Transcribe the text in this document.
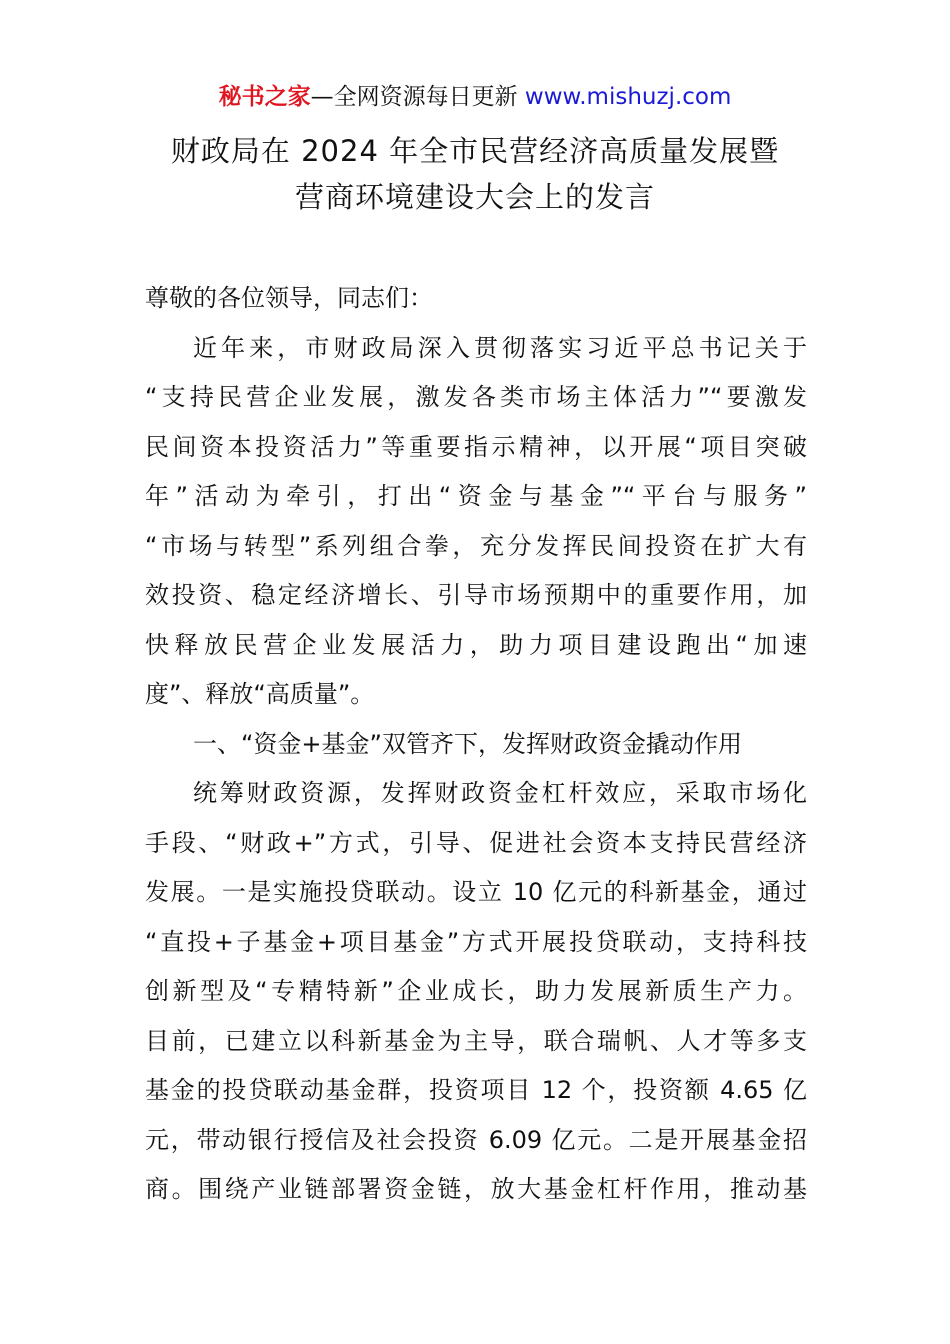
秘书之家—全网资源每日更新 www.mishuzj.com
财政局在 2024 年全市民营经济高质量发展暨
营商环境建设大会上的发言
尊敬的各位领导，同志们：
近年来，市财政局深入贯彻落实习近平总书记关于
“支持民营企业发展，激发各类市场主体活力”“要激发
民间资本投资活力”等重要指示精神，以开展“项目突破
年”活动为牵引，打出“资金与基金”“平台与服务”
“市场与转型”系列组合拳，充分发挥民间投资在扩大有
效投资、稳定经济增长、引导市场预期中的重要作用，加
快释放民营企业发展活力，助力项目建设跑出“加速
度”、释放“高质量”。
一、“资金+基金”双管齐下，发挥财政资金撬动作用
统筹财政资源，发挥财政资金杠杆效应，采取市场化
手段、“财政+”方式，引导、促进社会资本支持民营经济
发展。一是实施投贷联动。设立 10 亿元的科新基金，通过
“直投+子基金+项目基金”方式开展投贷联动，支持科技
创新型及“专精特新”企业成长，助力发展新质生产力。
目前，已建立以科新基金为主导，联合瑞帆、人才等多支
基金的投贷联动基金群，投资项目 12 个，投资额 4.65 亿
元，带动银行授信及社会投资 6.09 亿元。二是开展基金招
商。围绕产业链部署资金链，放大基金杠杆作用，推动基
